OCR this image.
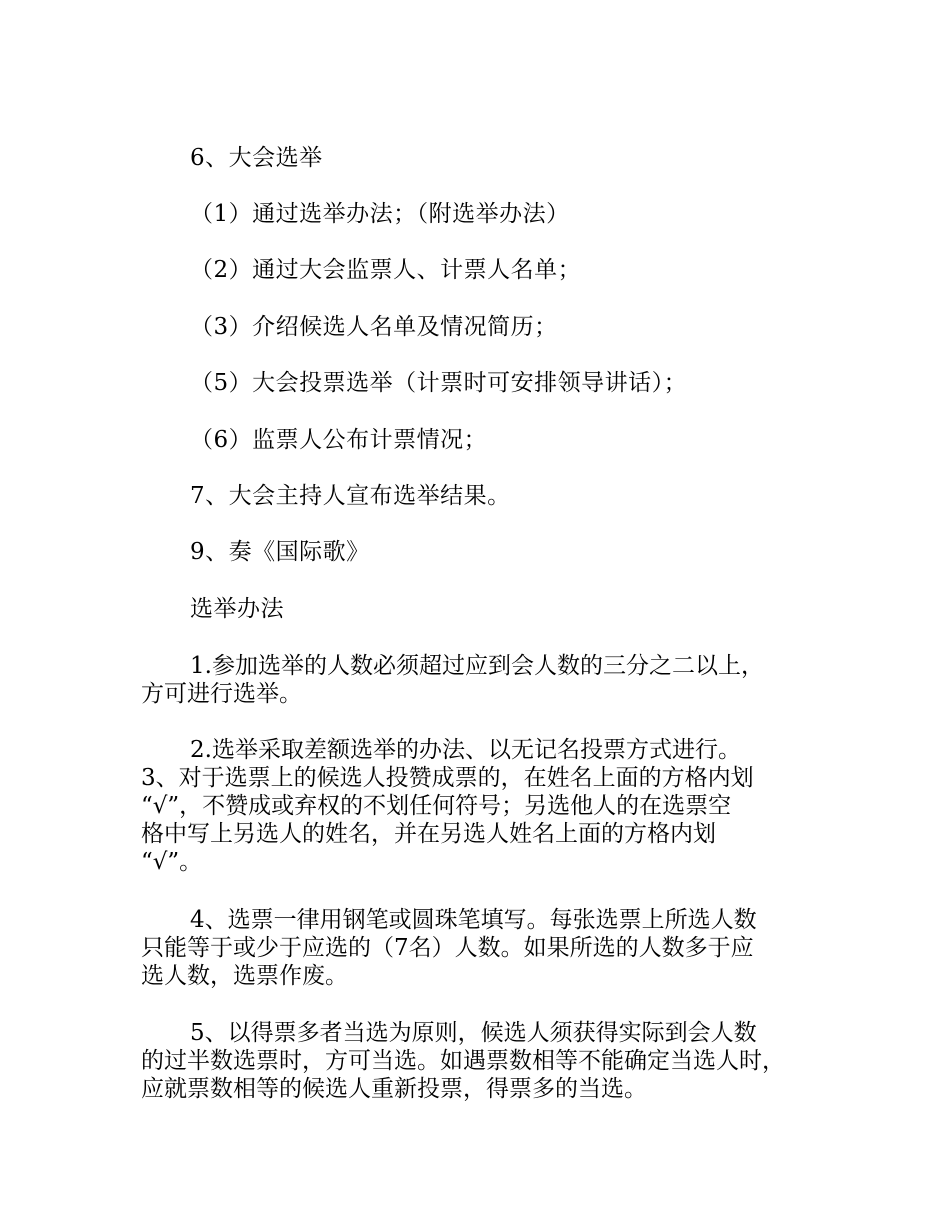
6、大会选举
（1）通过选举办法；（附选举办法）
（2）通过大会监票人、计票人名单；
（3）介绍候选人名单及情况简历；
（5）大会投票选举（计票时可安排领导讲话）；
（6）监票人公布计票情况；
7、大会主持人宣布选举结果。
9、奏《国际歌》
选举办法
1.参加选举的人数必须超过应到会人数的三分之二以上，
方可进行选举。
2.选举采取差额选举的办法、以无记名投票方式进行。
3、对于选票上的候选人投赞成票的，在姓名上面的方格内划
“√”，不赞成或弃权的不划任何符号；另选他人的在选票空
格中写上另选人的姓名，并在另选人姓名上面的方格内划
“√”。
4、选票一律用钢笔或圆珠笔填写。每张选票上所选人数
只能等于或少于应选的（7名）人数。如果所选的人数多于应
选人数，选票作废。
5、以得票多者当选为原则，候选人须获得实际到会人数
的过半数选票时，方可当选。如遇票数相等不能确定当选人时，
应就票数相等的候选人重新投票，得票多的当选。
